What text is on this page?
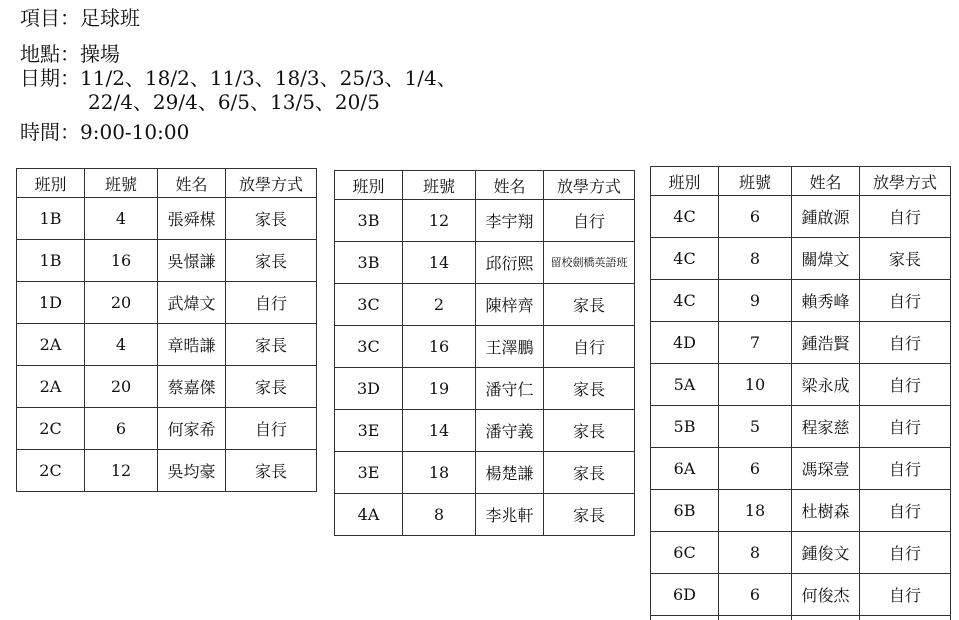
項目：足球班
地點：操場
日期：11/2、18/2、11/3、18/3、25/3、1/4、
22/4、29/4、6/5、13/5、20/5
時間：9:00-10:00
班別	班號	姓名	放學方式
1B	4	張舜楳	家長
1B	16	吳憬謙	家長
1D	20	武煒文	自行
2A	4	章晧謙	家長
2A	20	蔡嘉傑	家長
2C	6	何家希	自行
2C	12	吳均豪	家長
班別	班號	姓名	放學方式
3B	12	李宇翔	自行
3B	14	邱衍熙	留校劍橋英語班
3C	2	陳梓齊	家長
3C	16	王澤鵬	自行
3D	19	潘守仁	家長
3E	14	潘守義	家長
3E	18	楊楚謙	家長
4A	8	李兆軒	家長
班別	班號	姓名	放學方式
4C	6	鍾啟源	自行
4C	8	關煒文	家長
4C	9	賴秀峰	自行
4D	7	鍾浩賢	自行
5A	10	梁永成	自行
5B	5	程家慈	自行
6A	6	馮琛壹	自行
6B	18	杜樹森	自行
6C	8	鍾俊文	自行
6D	6	何俊杰	自行
